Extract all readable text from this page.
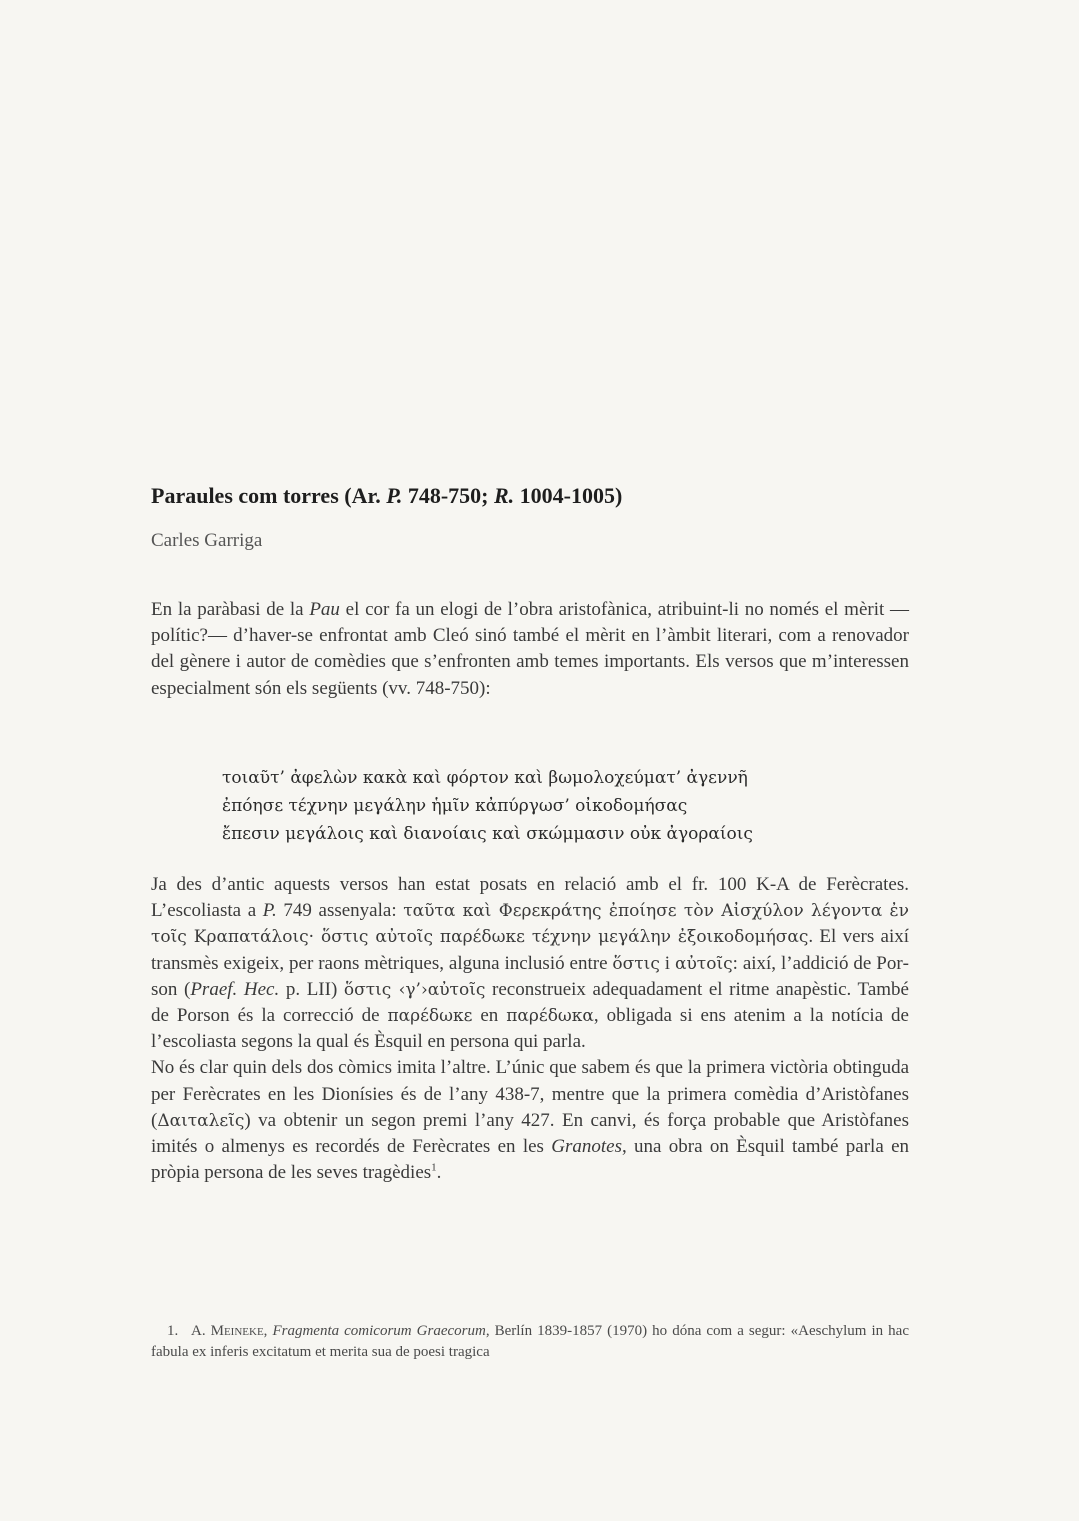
Paraules com torres (Ar. P. 748-750; R. 1004-1005)
Carles Garriga

En la paràbasi de la Pau el cor fa un elogi de l’obra aristofànica, atribuint-li no només el mèrit —polític?— d’haver-se enfrontat amb Cleó sinó també el mèrit en l’àmbit literari, com a renovador del gènere i autor de comèdies que s’enfronten amb temes importants. Els versos que m’interessen especialment són els següents (vv. 748-750):

τοιαῦτ’ ἀφελὼν κακὰ καὶ φόρτον καὶ βωμολοχεύματ’ ἀγεννῆ
ἐπόησε τέχνην μεγάλην ἡμῖν κἀπύργωσ’ οἰκοδομήσας
ἔπεσιν μεγάλοις καὶ διανοίαις καὶ σκώμμασιν οὐκ ἀγοραίοις

Ja des d’antic aquests versos han estat posats en relació amb el fr. 100 K-A de Ferècrates. L’escoliasta a P. 749 assenyala: ταῦτα καὶ Φερεκράτης ἐποίησε τὸν Αἰσχύλον λέγοντα ἐν τοῖς Κραπατάλοις· ὅστις αὐτοῖς παρέδωκε τέχνην μεγάλην ἐξοικοδομήσας. El vers així transmès exigeix, per raons mètriques, alguna inclusió entre ὅστις i αὐτοῖς: així, l’addició de Porson (Praef. Hec. p. LII) ὅστις ‹γ’›αὐτοῖς reconstrueix adequadament el ritme anapèstic. També de Porson és la correcció de παρέδωκε en παρέδωκα, obligada si ens atenim a la notícia de l’escoliasta segons la qual és Èsquil en persona qui parla.

No és clar quin dels dos còmics imita l’altre. L’únic que sabem és que la primera victòria obtinguda per Ferècrates en les Dionísies és de l’any 438-7, mentre que la primera comèdia d’Aristòfanes (Δαιταλεῖς) va obtenir un segon premi l’any 427. En canvi, és força probable que Aristòfanes imités o almenys es recordés de Ferècrates en les Granotes, una obra on Èsquil també parla en pròpia persona de les seves tragèdies$^1$.

1. A. Meineke, Fragmenta comicorum Graecorum, Berlín 1839-1857 (1970) ho dóna com a segur: «Aeschylum in hac fabula ex inferis excitatum et merita sua de poesi tragica
